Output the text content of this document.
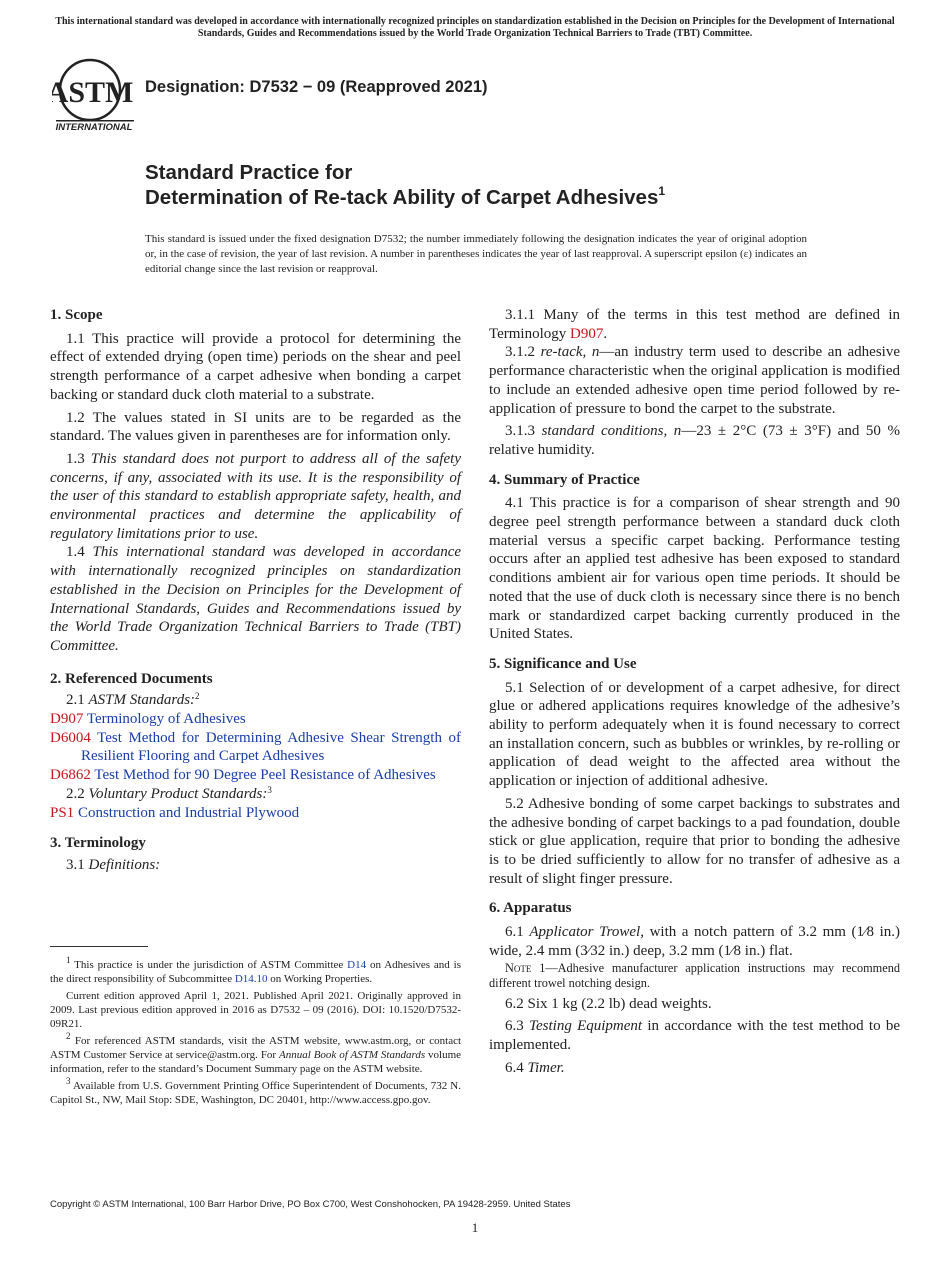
This international standard was developed in accordance with internationally recognized principles on standardization established in the Decision on Principles for the Development of International Standards, Guides and Recommendations issued by the World Trade Organization Technical Barriers to Trade (TBT) Committee.
ASTM
INTERNATIONAL
Designation: D7532 − 09 (Reapproved 2021)
Standard Practice for
Determination of Re-tack Ability of Carpet Adhesives$^1$
This standard is issued under the fixed designation D7532; the number immediately following the designation indicates the year of original adoption or, in the case of revision, the year of last revision. A number in parentheses indicates the year of last reapproval. A superscript epsilon (ε) indicates an editorial change since the last revision or reapproval.
1. Scope

1.1 This practice will provide a protocol for determining the effect of extended drying (open time) periods on the shear and peel strength performance of a carpet adhesive when bonding a carpet backing or standard duck cloth material to a substrate.

1.2 The values stated in SI units are to be regarded as the standard. The values given in parentheses are for information only.

1.3 This standard does not purport to address all of the safety concerns, if any, associated with its use. It is the responsibility of the user of this standard to establish appropriate safety, health, and environmental practices and determine the applicability of regulatory limitations prior to use.

1.4 This international standard was developed in accordance with internationally recognized principles on standardization established in the Decision on Principles for the Development of International Standards, Guides and Recommendations issued by the World Trade Organization Technical Barriers to Trade (TBT) Committee.

2. Referenced Documents

2.1 ASTM Standards:$^2$

D907 Terminology of Adhesives
D6004 Test Method for Determining Adhesive Shear Strength of Resilient Flooring and Carpet Adhesives
D6862 Test Method for 90 Degree Peel Resistance of Adhesives

2.2 Voluntary Product Standards:$^3$

PS1 Construction and Industrial Plywood
3. Terminology

3.1 Definitions:

$^1$ This practice is under the jurisdiction of ASTM Committee D14 on Adhesives and is the direct responsibility of Subcommittee D14.10 on Working Properties.

Current edition approved April 1, 2021. Published April 2021. Originally approved in 2009. Last previous edition approved in 2016 as D7532 – 09 (2016). DOI: 10.1520/D7532-09R21.

$^2$ For referenced ASTM standards, visit the ASTM website, www.astm.org, or contact ASTM Customer Service at service@astm.org. For Annual Book of ASTM Standards volume information, refer to the standard’s Document Summary page on the ASTM website.

$^3$ Available from U.S. Government Printing Office Superintendent of Documents, 732 N. Capitol St., NW, Mail Stop: SDE, Washington, DC 20401, http://www.access.gpo.gov.

3.1.1 Many of the terms in this test method are defined in Terminology D907.

3.1.2 re-tack, n—an industry term used to describe an adhesive performance characteristic when the original application is modified to include an extended adhesive open time period followed by re-application of pressure to bond the carpet to the substrate.

3.1.3 standard conditions, n—23 ± 2°C (73 ± 3°F) and 50 % relative humidity.

4. Summary of Practice

4.1 This practice is for a comparison of shear strength and 90 degree peel strength performance between a standard duck cloth material versus a specific carpet backing. Performance testing occurs after an applied test adhesive has been exposed to standard conditions ambient air for various open time periods. It should be noted that the use of duck cloth is necessary since there is no bench mark or standardized carpet backing currently produced in the United States.

5. Significance and Use

5.1 Selection of or development of a carpet adhesive, for direct glue or adhered applications requires knowledge of the adhesive’s ability to perform adequately when it is found necessary to correct an installation concern, such as bubbles or wrinkles, by re-rolling or application of dead weight to the affected area without the application or injection of additional adhesive.

5.2 Adhesive bonding of some carpet backings to substrates and the adhesive bonding of carpet backings to a pad foundation, double stick or glue application, require that prior to bonding the adhesive is to be dried sufficiently to allow for no transfer of adhesive as a result of slight finger pressure.

6. Apparatus

6.1 Applicator Trowel, with a notch pattern of 3.2 mm (1⁄8 in.) wide, 2.4 mm (3⁄32 in.) deep, 3.2 mm (1⁄8 in.) flat.

Note 1—Adhesive manufacturer application instructions may recommend different trowel notching design.

6.2 Six 1 kg (2.2 lb) dead weights.

6.3 Testing Equipment in accordance with the test method to be implemented.

6.4 Timer.

Copyright © ASTM International, 100 Barr Harbor Drive, PO Box C700, West Conshohocken, PA 19428-2959. United States
1
